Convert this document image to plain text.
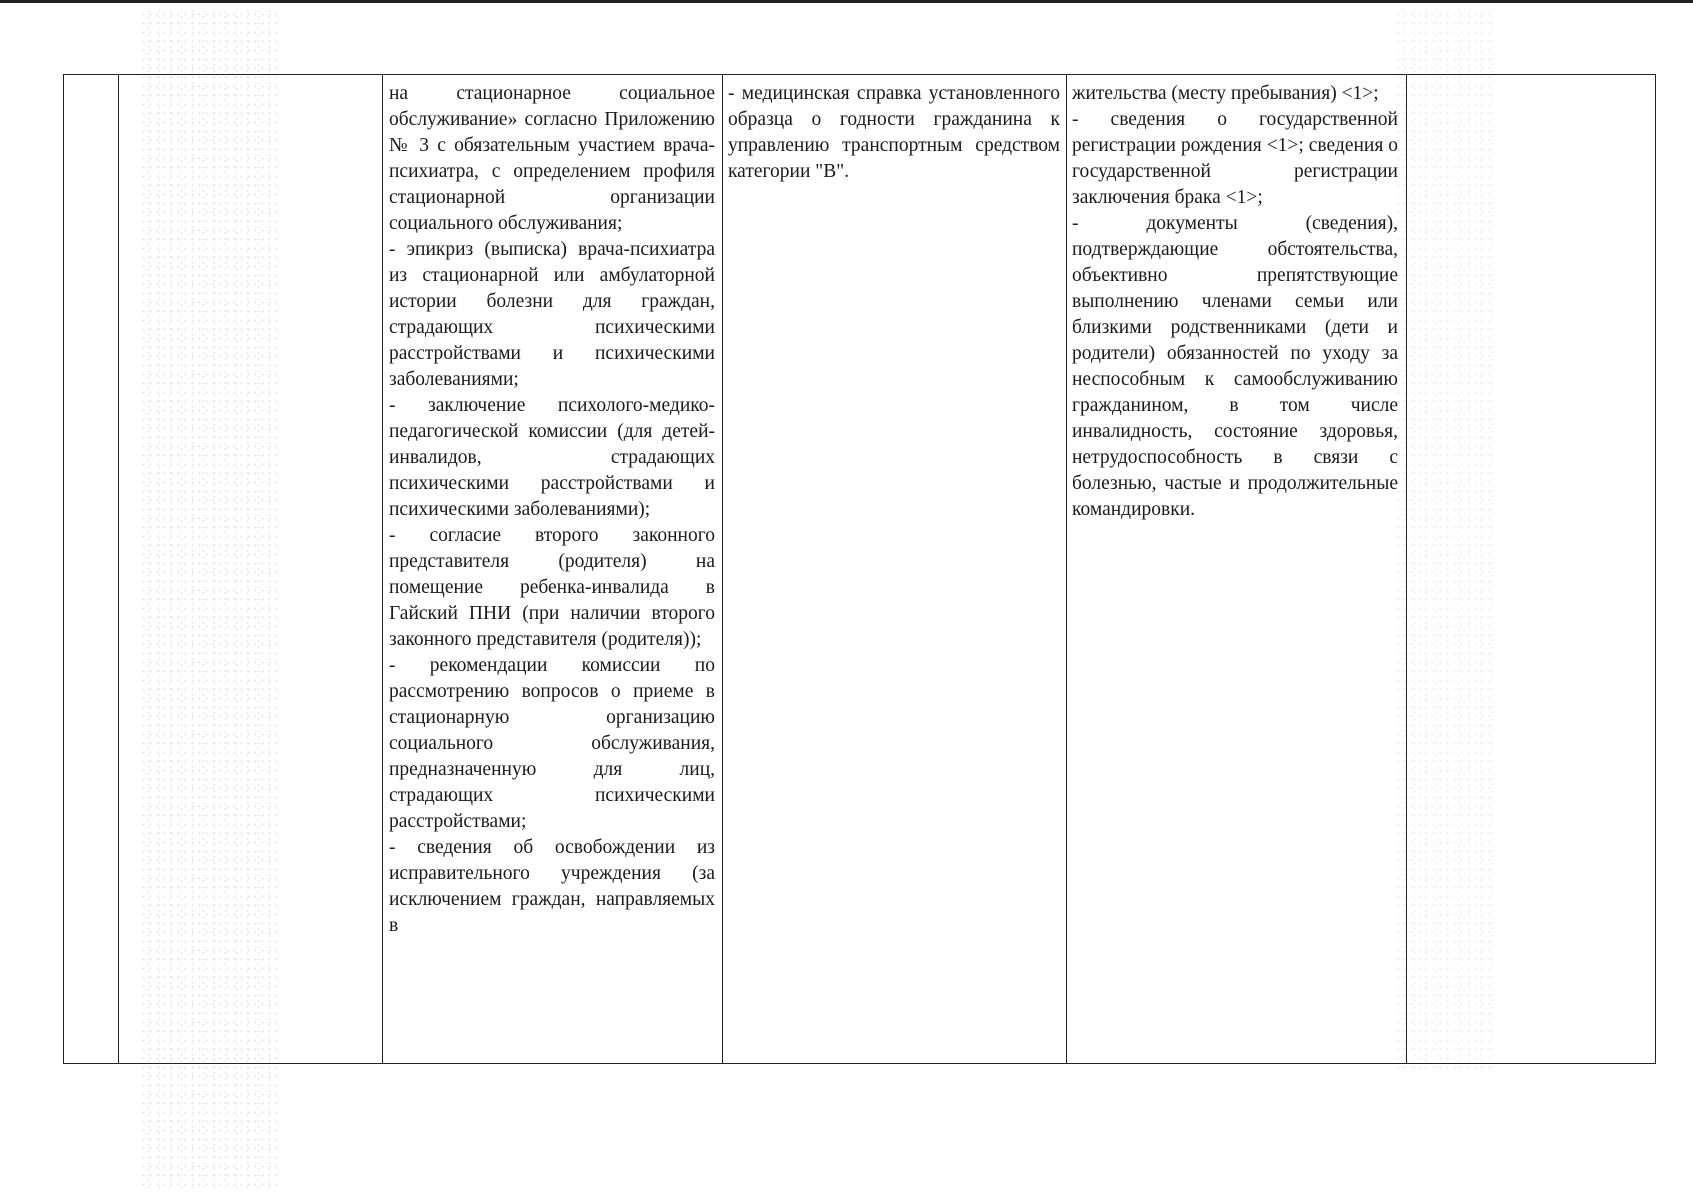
на стационарное социальное обслуживание» согласно Приложению № 3 с обязательным участием врача-психиатра, с определением профиля стационарной организации социального обслуживания;
- эпикриз (выписка) врача-психиатра из стационарной или амбулаторной истории болезни для граждан, страдающих психическими расстройствами и психическими заболеваниями;
- заключение психолого-медико-педагогической комиссии (для детей-инвалидов, страдающих психическими расстройствами и психическими заболеваниями);
- согласие второго законного представителя (родителя) на помещение ребенка-инвалида в Гайский ПНИ (при наличии второго законного представителя (родителя));
- рекомендации комиссии по рассмотрению вопросов о приеме в стационарную организацию социального обслуживания, предназначенную для лиц, страдающих психическими расстройствами;
- сведения об освобождении из исправительного учреждения (за исключением граждан, направляемых в

- медицинская справка установленного образца о годности гражданина к управлению транспортным средством категории "В".

жительства (месту пребывания) <1>;
- сведения о государственной регистрации рождения <1>; сведения о государственной регистрации заключения брака <1>;
- документы (сведения), подтверждающие обстоятельства, объективно препятствующие выполнению членами семьи или близкими родственниками (дети и родители) обязанностей по уходу за неспособным к самообслуживанию гражданином, в том числе инвалидность, состояние здоровья, нетрудоспособность в связи с болезнью, частые и продолжительные командировки.
